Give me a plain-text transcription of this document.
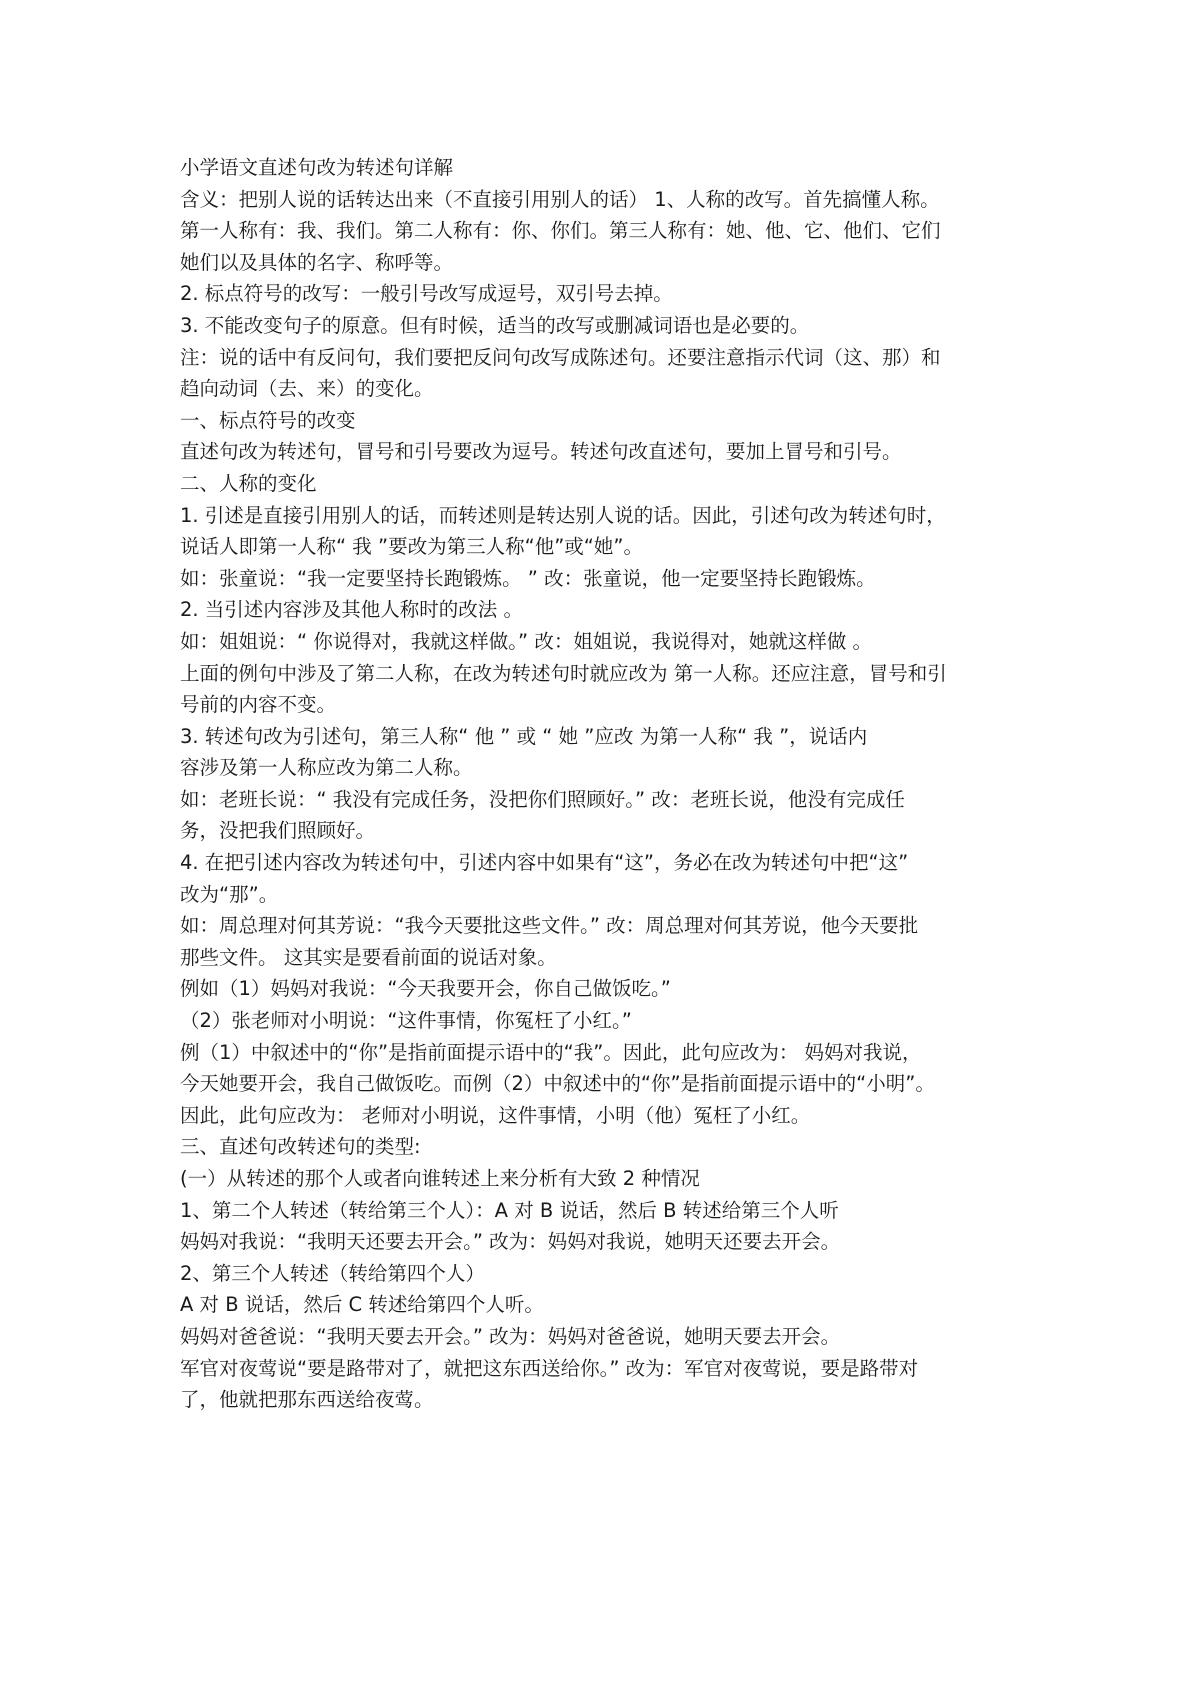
小学语文直述句改为转述句详解

含义：把别人说的话转达出来（不直接引用别人的话） 1、人称的改写。首先搞懂人称。

第一人称有：我、我们。第二人称有：你、你们。第三人称有：她、他、它、他们、它们

她们以及具体的名字、称呼等。

2. 标点符号的改写：一般引号改写成逗号，双引号去掉。

3. 不能改变句子的原意。但有时候，适当的改写或删减词语也是必要的。

注：说的话中有反问句，我们要把反问句改写成陈述句。还要注意指示代词（这、那）和

趋向动词（去、来）的变化。

一、标点符号的改变

直述句改为转述句，冒号和引号要改为逗号。转述句改直述句，要加上冒号和引号。

二、人称的变化

1. 引述是直接引用别人的话，而转述则是转达别人说的话。因此，引述句改为转述句时，

说话人即第一人称“ 我 ”要改为第三人称“他”或“她”。

如：张童说：“我一定要坚持长跑锻炼。 ” 改：张童说，他一定要坚持长跑锻炼。

2. 当引述内容涉及其他人称时的改法 。

如：姐姐说：“ 你说得对，我就这样做。” 改：姐姐说，我说得对，她就这样做 。

上面的例句中涉及了第二人称，在改为转述句时就应改为 第一人称。还应注意，冒号和引

号前的内容不变。

3. 转述句改为引述句，第三人称“ 他 ” 或 “ 她 ”应改 为第一人称“ 我 ”，说话内

容涉及第一人称应改为第二人称。

如：老班长说：“ 我没有完成任务，没把你们照顾好。” 改：老班长说，他没有完成任

务，没把我们照顾好。

4. 在把引述内容改为转述句中，引述内容中如果有“这”，务必在改为转述句中把“这”

改为“那”。

如：周总理对何其芳说：“我今天要批这些文件。” 改：周总理对何其芳说，他今天要批

那些文件。 这其实是要看前面的说话对象。

例如（1）妈妈对我说：“今天我要开会，你自己做饭吃。”

（2）张老师对小明说：“这件事情，你冤枉了小红。”

例（1）中叙述中的“你”是指前面提示语中的“我”。因此，此句应改为： 妈妈对我说，

今天她要开会，我自己做饭吃。而例（2）中叙述中的“你”是指前面提示语中的“小明”。

因此，此句应改为： 老师对小明说，这件事情，小明（他）冤枉了小红。

三、直述句改转述句的类型:

(一）从转述的那个人或者向谁转述上来分析有大致 2 种情况

1、第二个人转述（转给第三个人）：A 对 B 说话，然后 B 转述给第三个人听

妈妈对我说：“我明天还要去开会。” 改为：妈妈对我说，她明天还要去开会。

2、第三个人转述（转给第四个人）

A 对 B 说话，然后 C 转述给第四个人听。

妈妈对爸爸说：“我明天要去开会。” 改为：妈妈对爸爸说，她明天要去开会。

军官对夜莺说“要是路带对了，就把这东西送给你。” 改为：军官对夜莺说，要是路带对

了，他就把那东西送给夜莺。
